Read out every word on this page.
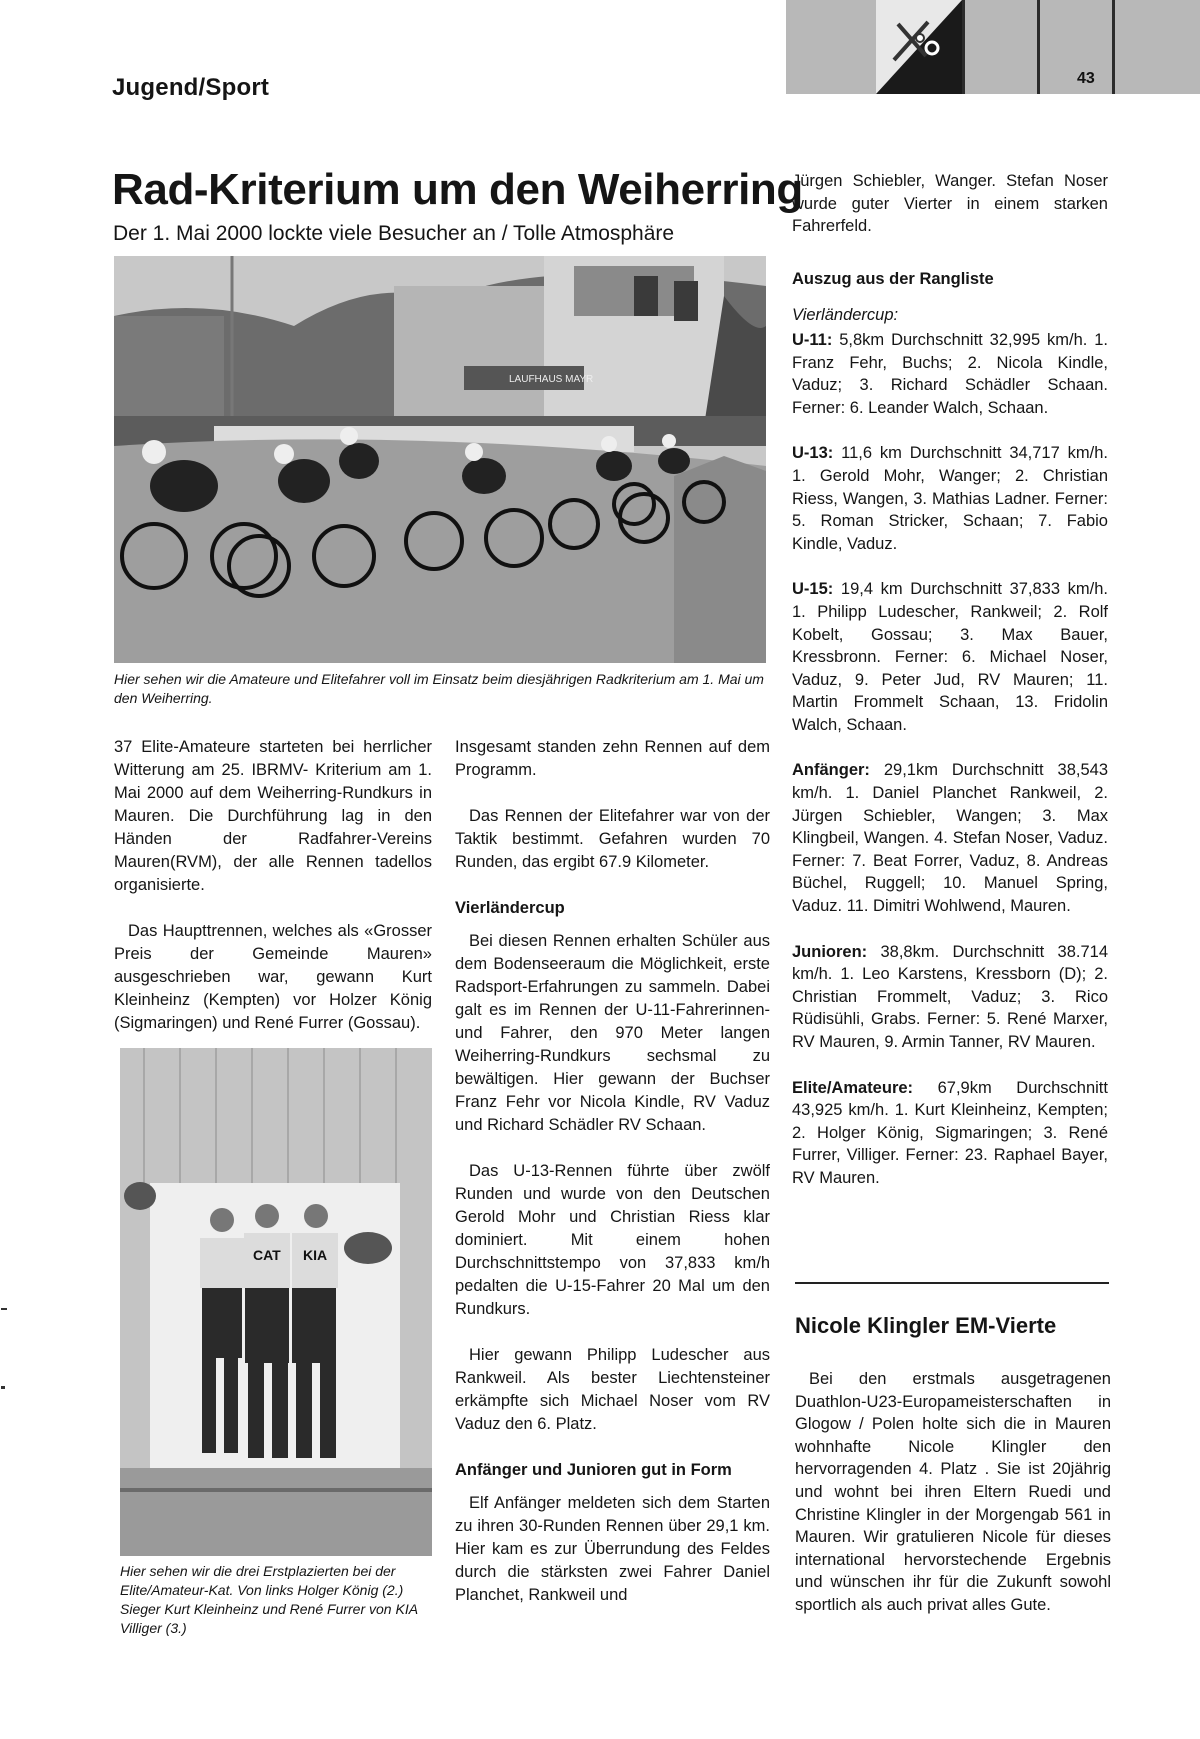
Jugend/Sport	43
Rad-Kriterium um den Weiherring
Der 1. Mai 2000 lockte viele Besucher an / Tolle Atmosphäre
LAUFHAUS MAYR
Hier sehen wir die Amateure und Elitefahrer voll im Einsatz beim diesjährigen Radkriterium am 1. Mai um den Weiherring.

37 Elite-Amateure starteten bei herrlicher Witterung am 25. IBRMV- Kriterium am 1. Mai 2000 auf dem Weiherring-Rundkurs in Mauren. Die Durchführung lag in den Händen der Radfahrer-Vereins Mauren(RVM), der alle Rennen tadellos organisierte.

Das Haupttrennen, welches als «Grosser Preis der Gemeinde Mauren» ausgeschrieben war, gewann Kurt Kleinheinz (Kempten) vor Holzer König (Sigmaringen) und René Furrer (Gossau).

CAT KIA
Hier sehen wir die drei Erstplazierten bei der Elite/Amateur-Kat. Von links Holger König (2.) Sieger Kurt Kleinheinz und René Furrer von KIA Villiger (3.)

Insgesamt standen zehn Rennen auf dem Programm.

Das Rennen der Elitefahrer war von der Taktik bestimmt. Gefahren wurden 70 Runden, das ergibt 67.9 Kilometer.

Vierländercup

Bei diesen Rennen erhalten Schüler aus dem Bodenseeraum die Möglichkeit, erste Radsport-Erfahrungen zu sammeln. Dabei galt es im Rennen der U-11-Fahrerinnen-und Fahrer, den 970 Meter langen Weiherring-Rundkurs sechsmal zu bewältigen. Hier gewann der Buchser Franz Fehr vor Nicola Kindle, RV Vaduz und Richard Schädler RV Schaan.

Das U-13-Rennen führte über zwölf Runden und wurde von den Deutschen Gerold Mohr und Christian Riess klar dominiert. Mit einem hohen Durchschnittstempo von 37,833 km/h pedalten die U-15-Fahrer 20 Mal um den Rundkurs.

Hier gewann Philipp Ludescher aus Rankweil. Als bester Liechtensteiner erkämpfte sich Michael Noser vom RV Vaduz den 6. Platz.

Anfänger und Junioren gut in Form

Elf Anfänger meldeten sich dem Starten zu ihren 30-Runden Rennen über 29,1 km. Hier kam es zur Überrundung des Feldes durch die stärksten zwei Fahrer Daniel Planchet, Rankweil und

Jürgen Schiebler, Wanger. Stefan Noser wurde guter Vierter in einem starken Fahrerfeld.

Auszug aus der Rangliste
Vierländercup:

U-11: 5,8km Durchschnitt 32,995 km/h. 1. Franz Fehr, Buchs; 2. Nicola Kindle, Vaduz; 3. Richard Schädler Schaan. Ferner: 6. Leander Walch, Schaan.

U-13: 11,6 km Durchschnitt 34,717 km/h. 1. Gerold Mohr, Wanger; 2. Christian Riess, Wangen, 3. Mathias Ladner. Ferner: 5. Roman Stricker, Schaan; 7. Fabio Kindle, Vaduz.

U-15: 19,4 km Durchschnitt 37,833 km/h. 1. Philipp Ludescher, Rankweil; 2. Rolf Kobelt, Gossau; 3. Max Bauer, Kressbronn. Ferner: 6. Michael Noser, Vaduz, 9. Peter Jud, RV Mauren; 11. Martin Frommelt Schaan, 13. Fridolin Walch, Schaan.

Anfänger: 29,1km Durchschnitt 38,543 km/h. 1. Daniel Planchet Rankweil, 2. Jürgen Schiebler, Wangen; 3. Max Klingbeil, Wangen. 4. Stefan Noser, Vaduz. Ferner: 7. Beat Forrer, Vaduz, 8. Andreas Büchel, Ruggell; 10. Manuel Spring, Vaduz. 11. Dimitri Wohlwend, Mauren.

Junioren: 38,8km. Durchschnitt 38.714 km/h. 1. Leo Karstens, Kressborn (D); 2. Christian Frommelt, Vaduz; 3. Rico Rüdisühli, Grabs. Ferner: 5. René Marxer, RV Mauren, 9. Armin Tanner, RV Mauren.

Elite/Amateure: 67,9km Durchschnitt 43,925 km/h. 1. Kurt Kleinheinz, Kempten; 2. Holger König, Sigmaringen; 3. René Furrer, Villiger. Ferner: 23. Raphael Bayer, RV Mauren.

Nicole Klingler EM-Vierte

Bei den erstmals ausgetragenen Duathlon-U23-Europameisterschaften in Glogow / Polen holte sich die in Mauren wohnhafte Nicole Klingler den hervorragenden 4. Platz . Sie ist 20jährig und wohnt bei ihren Eltern Ruedi und Christine Klingler in der Morgengab 561 in Mauren. Wir gratulieren Nicole für dieses international hervorstechende Ergebnis und wünschen ihr für die Zukunft sowohl sportlich als auch privat alles Gute.
